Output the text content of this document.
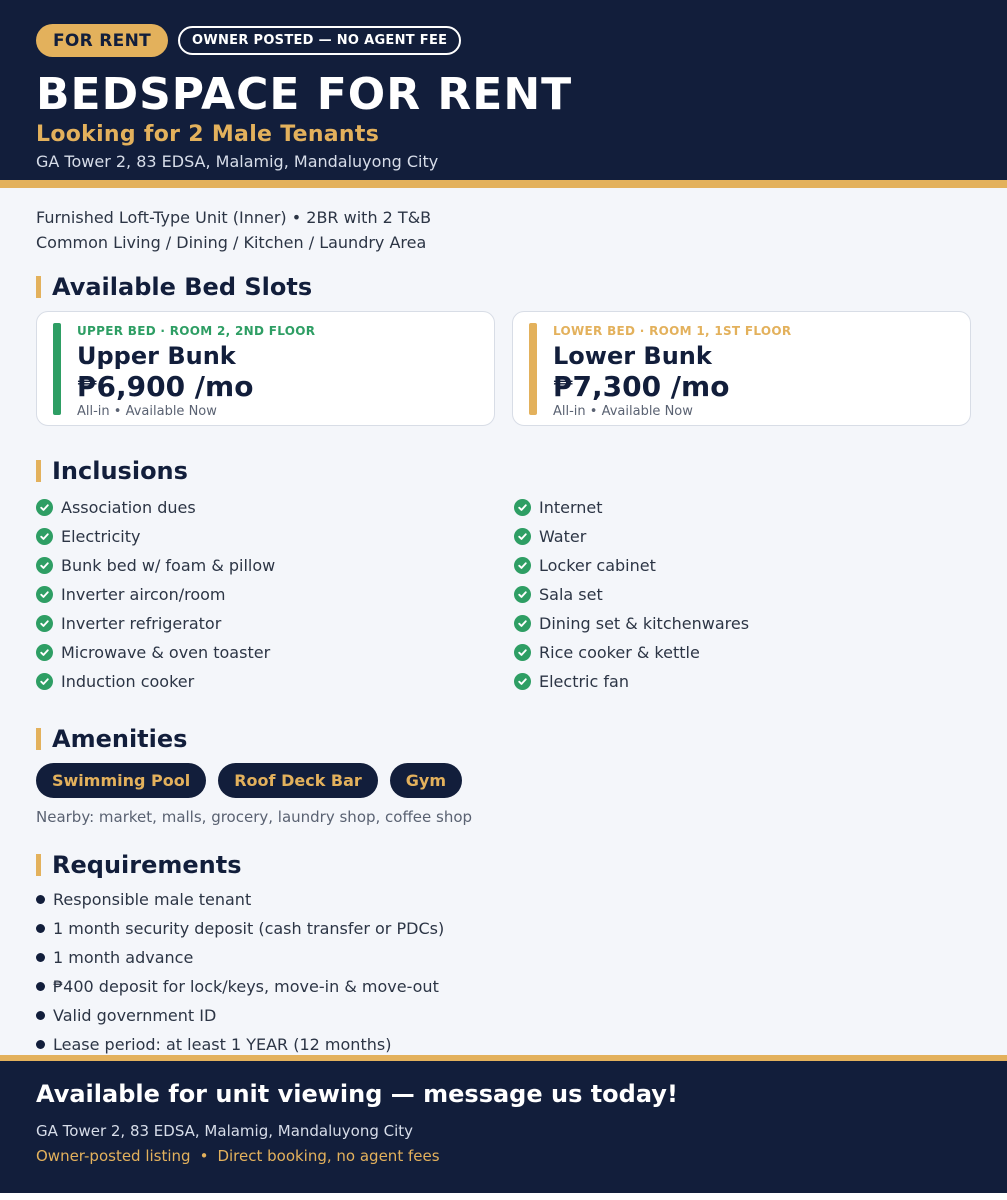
FOR RENT	OWNER POSTED — NO AGENT FEE
BEDSPACE FOR RENT
Looking for 2 Male Tenants
GA Tower 2, 83 EDSA, Malamig, Mandaluyong City
Furnished Loft-Type Unit (Inner) • 2BR with 2 T&B
Common Living / Dining / Kitchen / Laundry Area
Available Bed Slots
UPPER BED · ROOM 2, 2ND FLOOR
Upper Bunk
₱6,900 /mo
All-in • Available Now
LOWER BED · ROOM 1, 1ST FLOOR
Lower Bunk
₱7,300 /mo
All-in • Available Now
Inclusions
Association dues
Electricity
Bunk bed w/ foam & pillow
Inverter aircon/room
Inverter refrigerator
Microwave & oven toaster
Induction cooker
Internet
Water
Locker cabinet
Sala set
Dining set & kitchenwares
Rice cooker & kettle
Electric fan
Amenities
Swimming Pool	Roof Deck Bar	Gym
Nearby: market, malls, grocery, laundry shop, coffee shop
Requirements
Responsible male tenant
1 month security deposit (cash transfer or PDCs)
1 month advance
₱400 deposit for lock/keys, move-in & move-out
Valid government ID
Lease period: at least 1 YEAR (12 months)
Available for unit viewing — message us today!
GA Tower 2, 83 EDSA, Malamig, Mandaluyong City
Owner-posted listing • Direct booking, no agent fees
